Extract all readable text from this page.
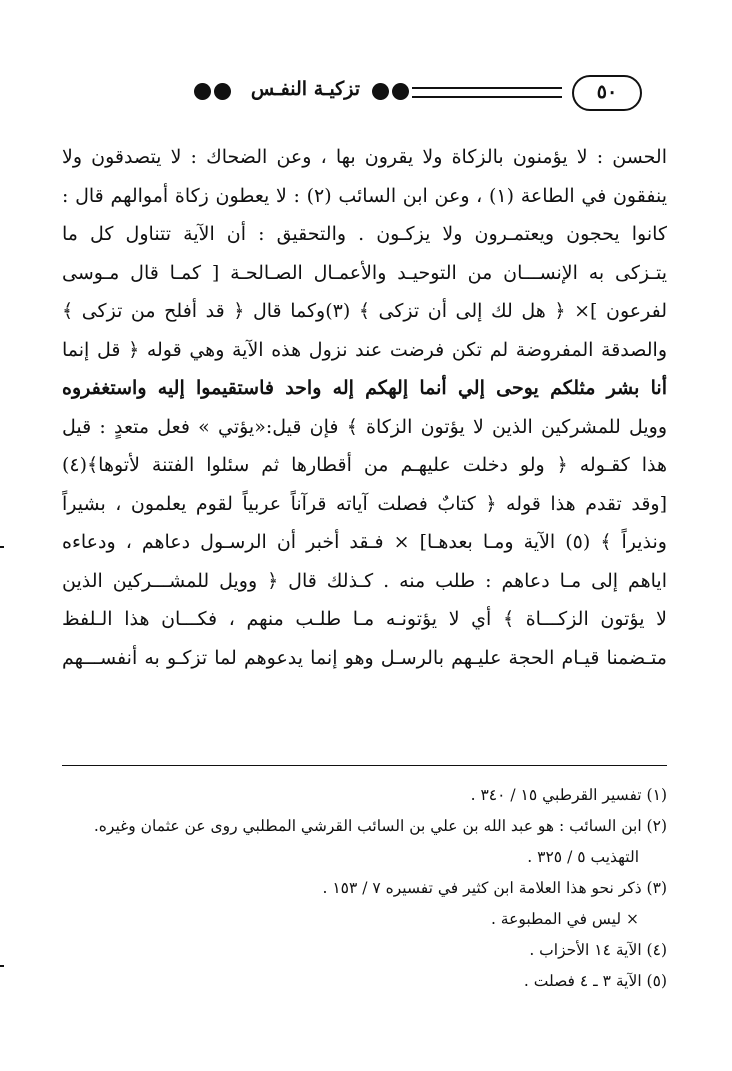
٥٠
تزكيـة النفـس
الحسن : لا يؤمنون بالزكاة ولا يقرون بها ، وعن الضحاك : لا يتصدقون ولا
ينفقون في الطاعة (١) ، وعن ابن السائب (٢) : لا يعطون زكاة أموالهم قال :
كانوا يحجون ويعتمـرون ولا يزكـون . والتحقيق : أن الآية تتناول كل ما
يتـزكى به الإنســـان من التوحيـد والأعمـال الصـالحـة [ كمـا قال مـوسى
لفرعون ]× ﴿ هل لك إلى أن تزكى ﴾ (٣)وكما قال ﴿ قد أفلح من تزكى ﴾
والصدقة المفروضة لم تكن فرضت عند نزول هذه الآية وهي قوله ﴿ قل إنما
أنا بشر مثلكم يوحى إلي أنما إلهكم إله واحد فاستقيموا إليه واستغفروه
وويل للمشركين الذين لا يؤتون الزكاة ﴾ فإن قيل:«يؤتي » فعل متعدٍ : قيل
هذا كقـوله ﴿ ولو دخلت عليهـم من أقطارها ثم سئلوا الفتنة لأتوها﴾(٤)
[وقد تقدم هذا قوله ﴿ كتابٌ فصلت آياته قرآناً عربياً لقوم يعلمون ، بشيراً
ونذيراً ﴾ (٥) الآية ومـا بعدهـا] × فـقد أخبر أن الرسـول دعاهم ، ودعاءه
اياهم إلى مـا دعاهم : طلب منه . كـذلك قال ﴿ وويل للمشـــركين الذين
لا يؤتون الزكـــاة ﴾ أي لا يؤتونـه مـا طلـب منهم ، فكـــان هذا الـلفظ
متـضمنا قيـام الحجة عليـهم بالرسـل وهو إنما يدعوهم لما تزكـو به أنفســـهم
(١) تفسير القرطبي ١٥ / ٣٤٠ .
(٢) ابن السائب : هو عبد الله بن علي بن السائب القرشي المطلبي روى عن عثمان وغيره.
التهذيب ٥ / ٣٢٥ .
(٣) ذكر نحو هذا العلامة ابن كثير في تفسيره ٧ / ١٥٣ .
× ليس في المطبوعة .
(٤) الآية ١٤ الأحزاب .
(٥) الآية ٣ ـ ٤ فصلت .
